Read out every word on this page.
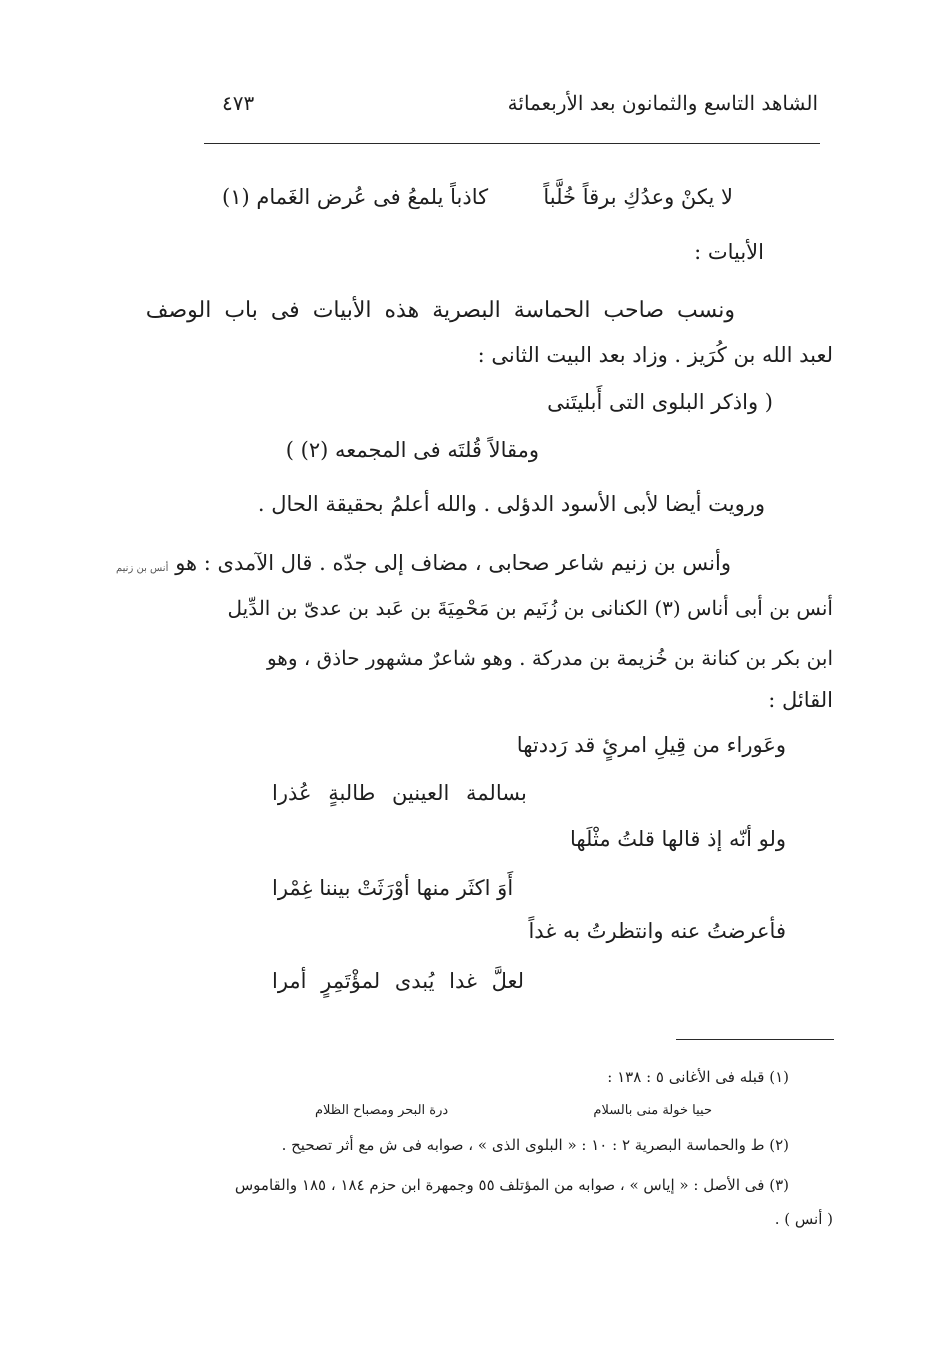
الشاهد التاسع والثمانون بعد الأربعمائة
٤٧٣
لا يكنْ وعدُكِ برقاً خُلَّباً
كاذباً يلمعُ فى عُرض الغَمام (١)
الأبيات :
ونسب صاحب الحماسة البصرية هذه الأبيات فى باب الوصف
لعبد الله بن كُرَيز . وزاد بعد البيت الثانى :
( واذكر البلوى التى أَبليتَنى
ومقالاً قُلتَه فى المجمعه (٢) )
ورويت أيضا لأبى الأسود الدؤلى . والله أعلمُ بحقيقة الحال .
أنس بن زنيم وأنس بن زنيم شاعر صحابى ، مضاف إلى جدّه . قال الآمدى : هو
أنس بن أبى أناس (٣) الكنانى بن زُنَيم بن مَحْمِيَةَ بن عَبد بن عدىّ بن الدِّيل
ابن بكر بن كنانة بن خُزيمة بن مدركة . وهو شاعرٌ مشهور حاذق ، وهو
القائل :
وعَوراء من قِيلِ امرئٍ قد رَددتها
بسالمة العينين طالبةٍ عُذرا
ولو أنّه إذ قالها قلتُ مثْلَها
أَوَ اكثَر منها أوْرَثَتْ بيننا غِمْرا
فأعرضتُ عنه وانتظرتُ به غداً
لعلَّ غدا يُبدى لمؤْتَمِرٍ أمرا
(١) قبله فى الأغانى ٥ : ١٣٨ :
حييا خولة منى بالسلام
درة البحر ومصباح الظلام
(٢) ط والحماسة البصرية ٢ : ١٠ : « البلوى الذى » ، صوابه فى ش مع أثر تصحيح .
(٣) فى الأصل : « إياس » ، صوابه من المؤتلف ٥٥ وجمهرة ابن حزم ١٨٤ ، ١٨٥ والقاموس
( أنس ) .
